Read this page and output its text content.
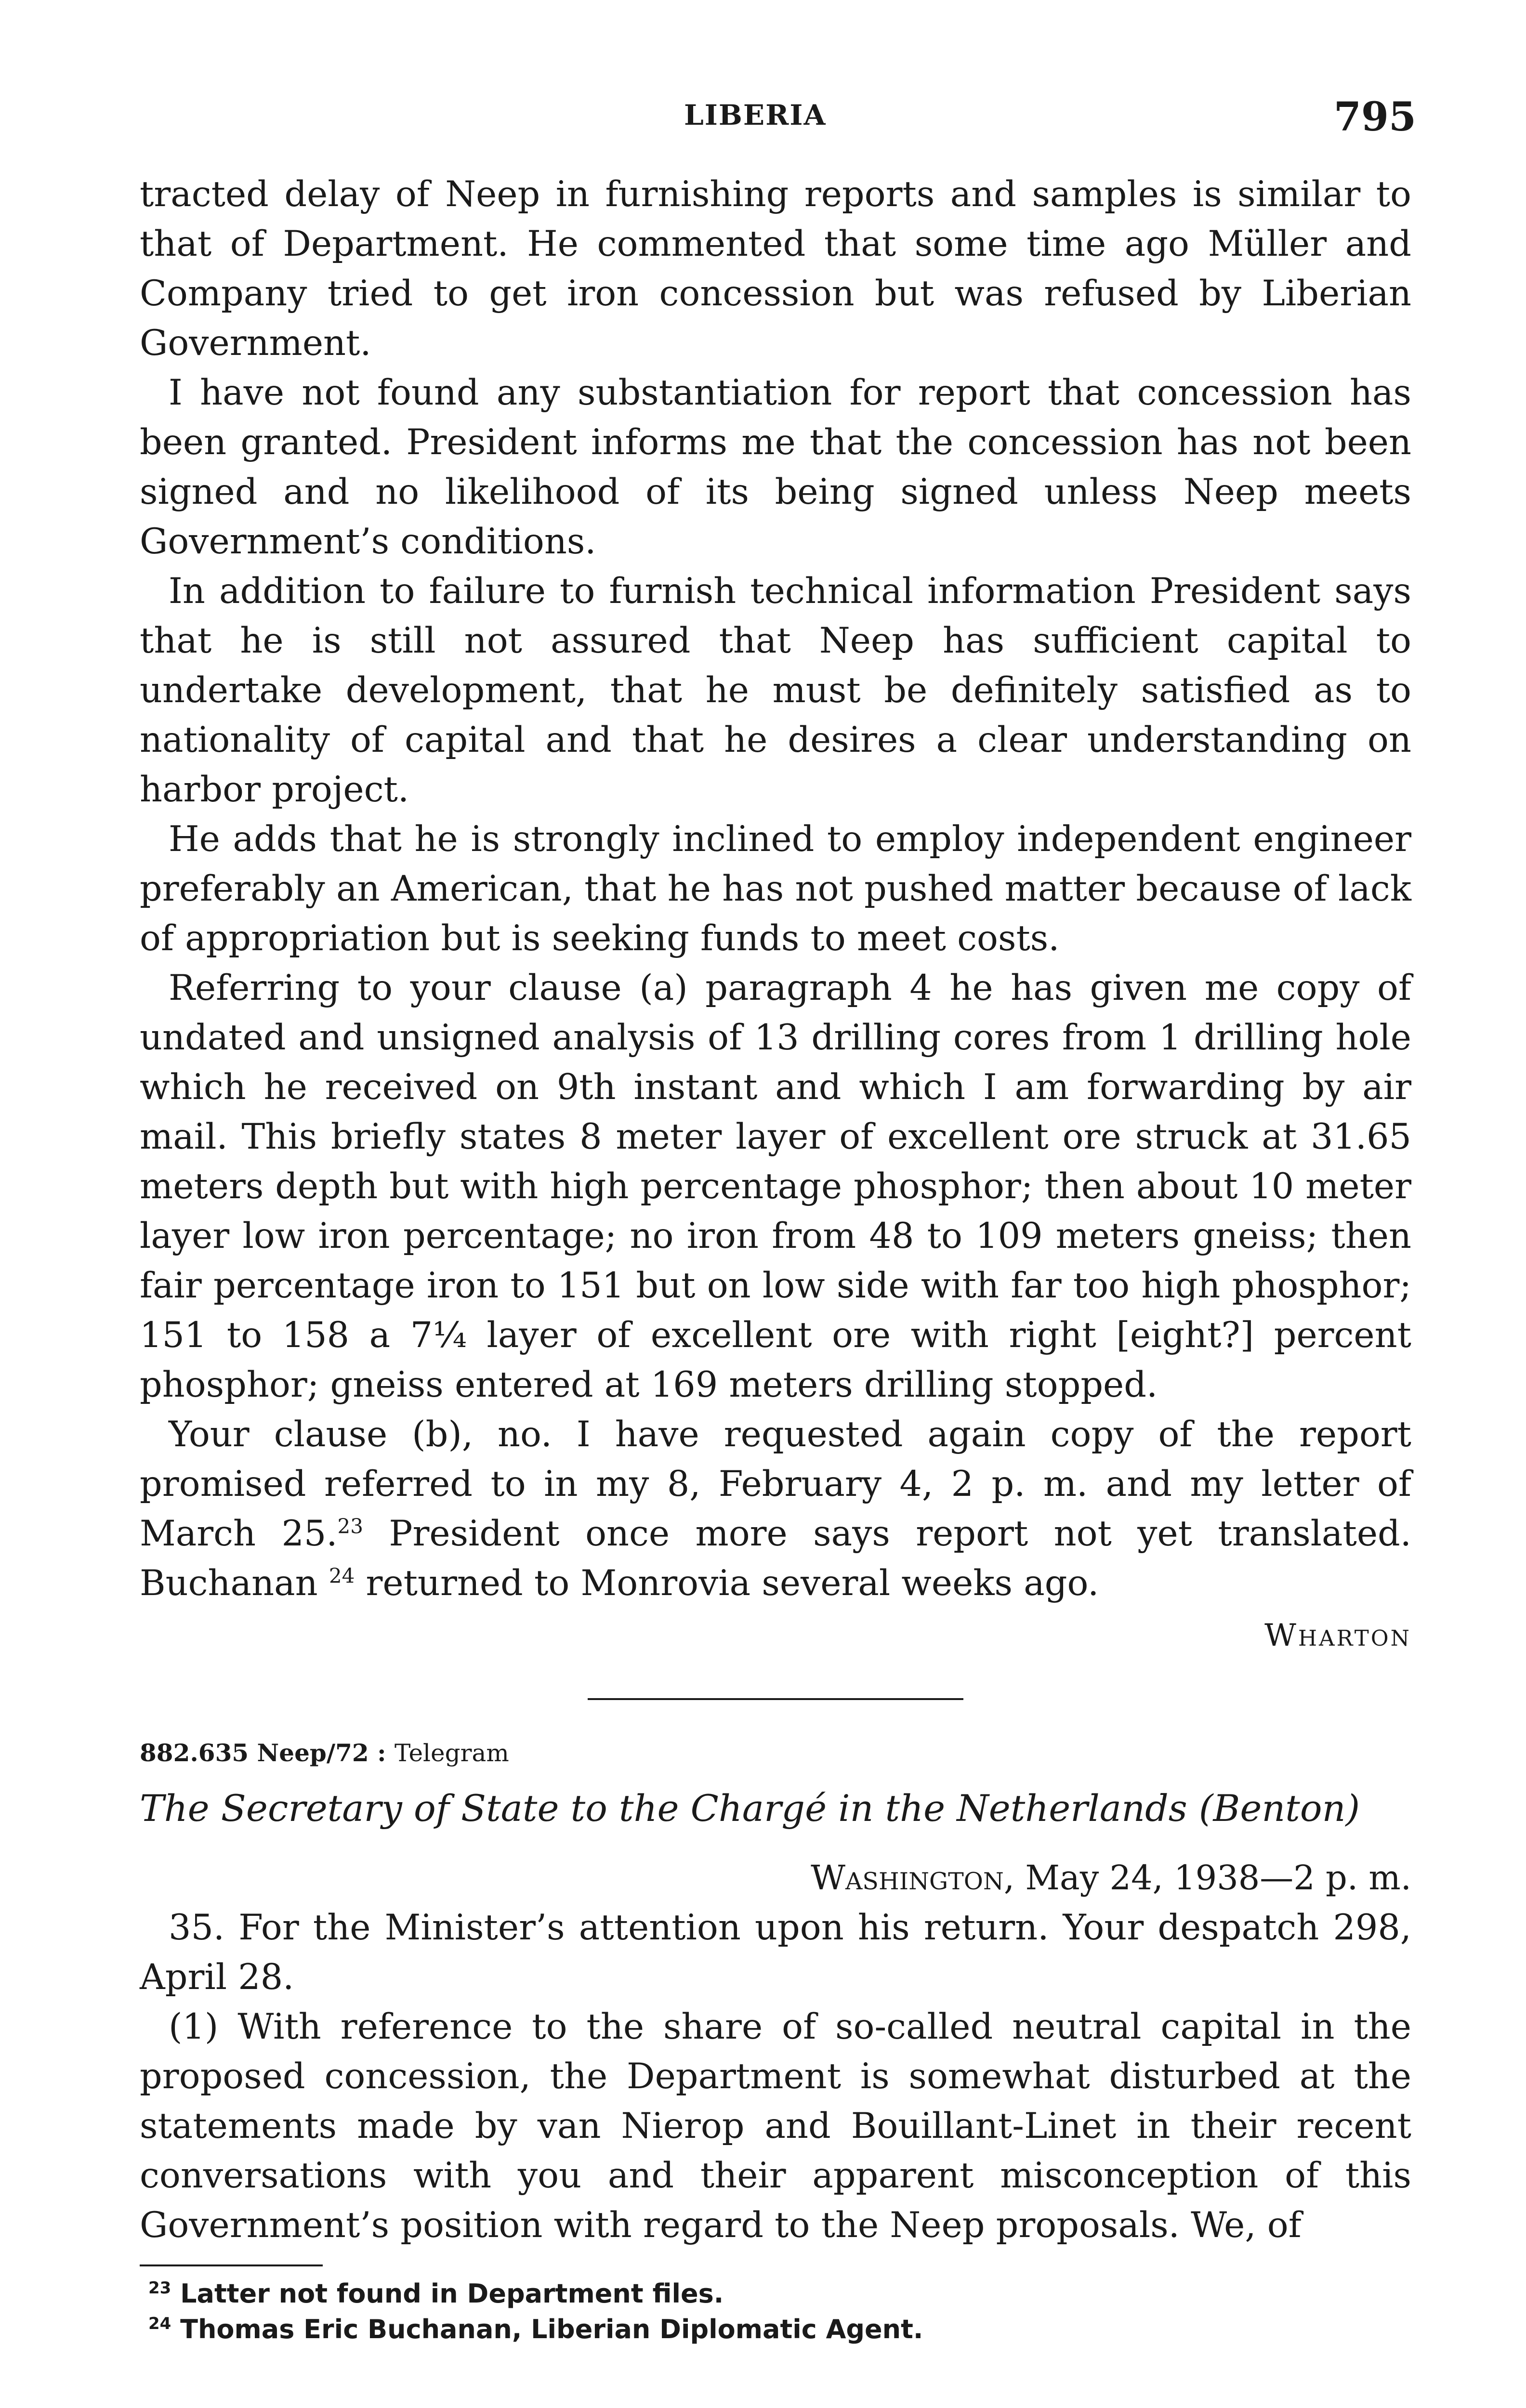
LIBERIA	795

tracted delay of Neep in furnishing reports and samples is similar to that of Department. He commented that some time ago Müller and Company tried to get iron concession but was refused by Liberian Government.

I have not found any substantiation for report that concession has been granted. President informs me that the concession has not been signed and no likelihood of its being signed unless Neep meets Government’s conditions.

In addition to failure to furnish technical information President says that he is still not assured that Neep has sufficient capital to undertake development, that he must be definitely satisfied as to nationality of capital and that he desires a clear understanding on harbor project.

He adds that he is strongly inclined to employ independent engineer preferably an American, that he has not pushed matter because of lack of appropriation but is seeking funds to meet costs.

Referring to your clause (a) paragraph 4 he has given me copy of undated and unsigned analysis of 13 drilling cores from 1 drilling hole which he received on 9th instant and which I am forwarding by air mail. This briefly states 8 meter layer of excellent ore struck at 31.65 meters depth but with high percentage phosphor; then about 10 meter layer low iron percentage; no iron from 48 to 109 meters gneiss; then fair percentage iron to 151 but on low side with far too high phosphor; 151 to 158 a 7¼ layer of excellent ore with right [eight?] percent phosphor; gneiss entered at 169 meters drilling stopped.

Your clause (b), no. I have requested again copy of the report promised referred to in my 8, February 4, 2 p. m. and my letter of March 25.23 President once more says report not yet translated. Buchanan $^{24}$ returned to Monrovia several weeks ago.

Wharton
882.635 Neep/72 : Telegram
The Secretary of State to the Chargé in the Netherlands (Benton)
Washington, May 24, 1938—2 p. m.

35. For the Minister’s attention upon his return. Your despatch 298, April 28.

(1) With reference to the share of so-called neutral capital in the proposed concession, the Department is somewhat disturbed at the statements made by van Nierop and Bouillant-Linet in their recent conversations with you and their apparent misconception of this Government’s position with regard to the Neep proposals. We, of

$^{23}$ Latter not found in Department files.
$^{24}$ Thomas Eric Buchanan, Liberian Diplomatic Agent.
